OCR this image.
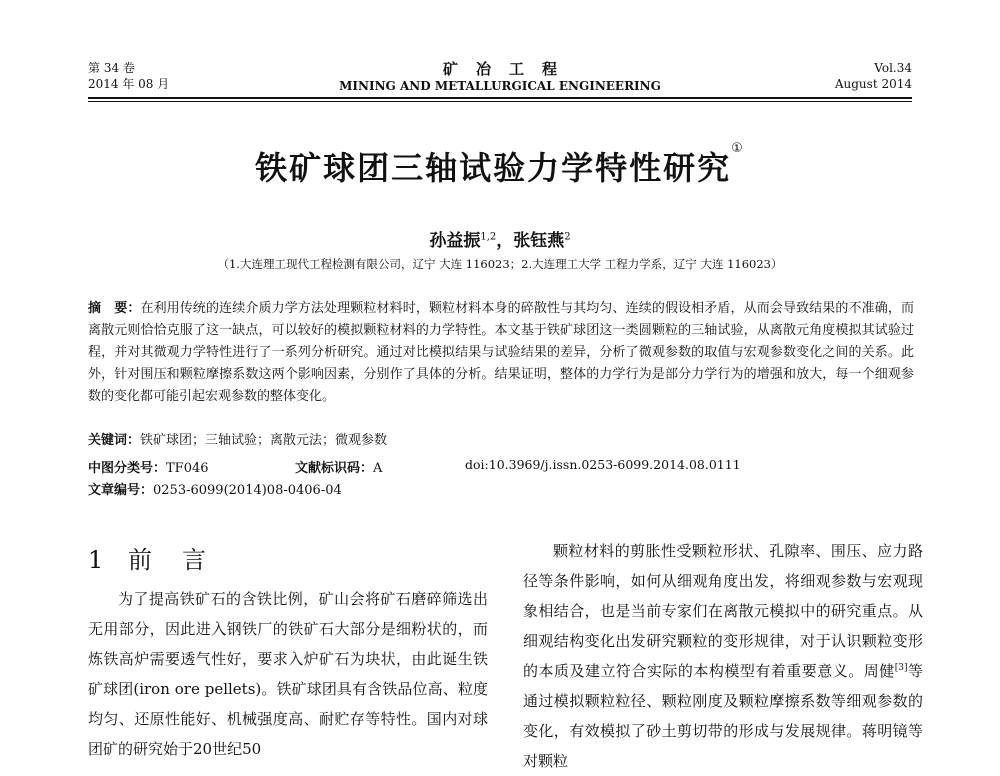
第 34 卷
2014 年 08 月
矿冶工程
MINING AND METALLURGICAL ENGINEERING
Vol.34
August 2014
铁矿球团三轴试验力学特性研究①
孙益振$^{1,2}$，张钰燕$^2$
（1.大连理工现代工程检测有限公司，辽宁 大连 116023；2.大连理工大学 工程力学系，辽宁 大连 116023）
摘　要：在利用传统的连续介质力学方法处理颗粒材料时，颗粒材料本身的碎散性与其均匀、连续的假设相矛盾，从而会导致结果的不准确，而离散元则恰恰克服了这一缺点，可以较好的模拟颗粒材料的力学特性。本文基于铁矿球团这一类圆颗粒的三轴试验，从离散元角度模拟其试验过程，并对其微观力学特性进行了一系列分析研究。通过对比模拟结果与试验结果的差异，分析了微观参数的取值与宏观参数变化之间的关系。此外，针对围压和颗粒摩擦系数这两个影响因素，分别作了具体的分析。结果证明，整体的力学行为是部分力学行为的增强和放大，每一个细观参数的变化都可能引起宏观参数的整体变化。
关键词：铁矿球团；三轴试验；离散元法；微观参数
中图分类号：TF046	文献标识码：A	doi:10.3969/j.issn.0253-6099.2014.08.0111
文章编号：0253-6099(2014)08-0406-04
1 前言
为了提高铁矿石的含铁比例，矿山会将矿石磨碎筛选出无用部分，因此进入钢铁厂的铁矿石大部分是细粉状的，而炼铁高炉需要透气性好，要求入炉矿石为块状，由此诞生铁矿球团(iron ore pellets)。铁矿球团具有含铁品位高、粒度均匀、还原性能好、机械强度高、耐贮存等特性。国内对球团矿的研究始于20世纪50
颗粒材料的剪胀性受颗粒形状、孔隙率、围压、应力路径等条件影响，如何从细观角度出发，将细观参数与宏观现象相结合，也是当前专家们在离散元模拟中的研究重点。从细观结构变化出发研究颗粒的变形规律，对于认识颗粒变形的本质及建立符合实际的本构模型有着重要意义。周健[3]等通过模拟颗粒粒径、颗粒刚度及颗粒摩擦系数等细观参数的变化，有效模拟了砂土剪切带的形成与发展规律。蒋明镜等对颗粒
